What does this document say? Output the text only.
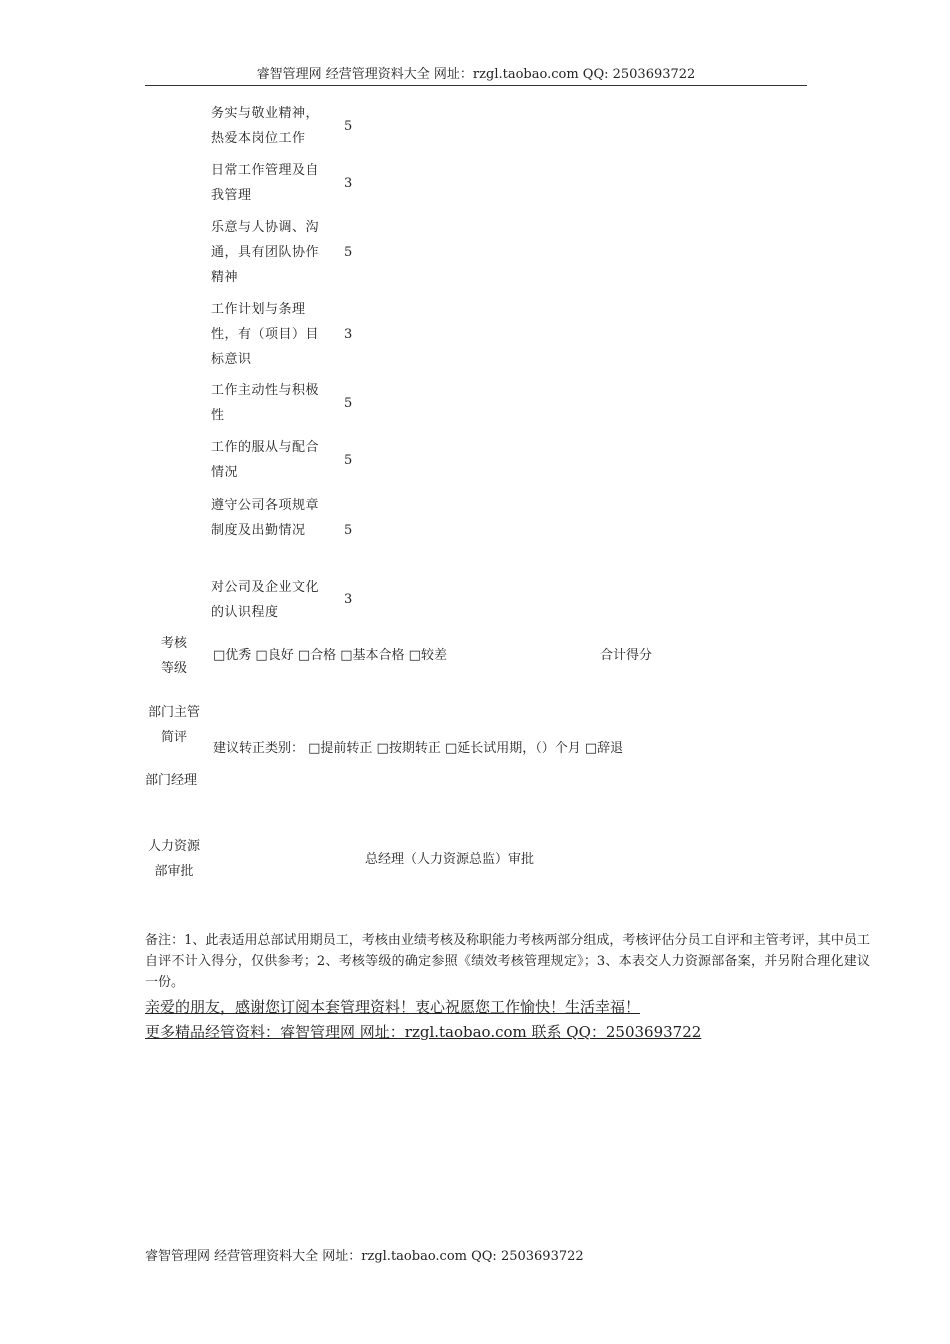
睿智管理网 经营管理资料大全 网址：rzgl.taobao.com QQ: 2503693722
务实与敬业精神，热爱本岗位工作
5
日常工作管理及自我管理
3
乐意与人协调、沟通，具有团队协作精神
5
工作计划与条理性，有（项目）目标意识
3
工作主动性与积极性
5
工作的服从与配合情况
5
遵守公司各项规章制度及出勤情况	5
对公司及企业文化的认识程度
3
考核等级
□优秀 □良好 □合格 □基本合格 □较差	合计得分
部门主管简评
建议转正类别： □提前转正 □按期转正 □延长试用期，（）个月 □辞退
部门经理
人力资源部审批
总经理（人力资源总监）审批
备注：1、此表适用总部试用期员工，考核由业绩考核及称职能力考核两部分组成，考核评估分员工自评和主管考评，其中员工自评不计入得分，仅供参考；2、考核等级的确定参照《绩效考核管理规定》；3、本表交人力资源部备案，并另附合理化建议一份。
亲爱的朋友，感谢您订阅本套管理资料！衷心祝愿您工作愉快！生活幸福！
更多精品经管资料：睿智管理网 网址：rzgl.taobao.com 联系 QQ：2503693722
睿智管理网 经营管理资料大全 网址：rzgl.taobao.com QQ: 2503693722
